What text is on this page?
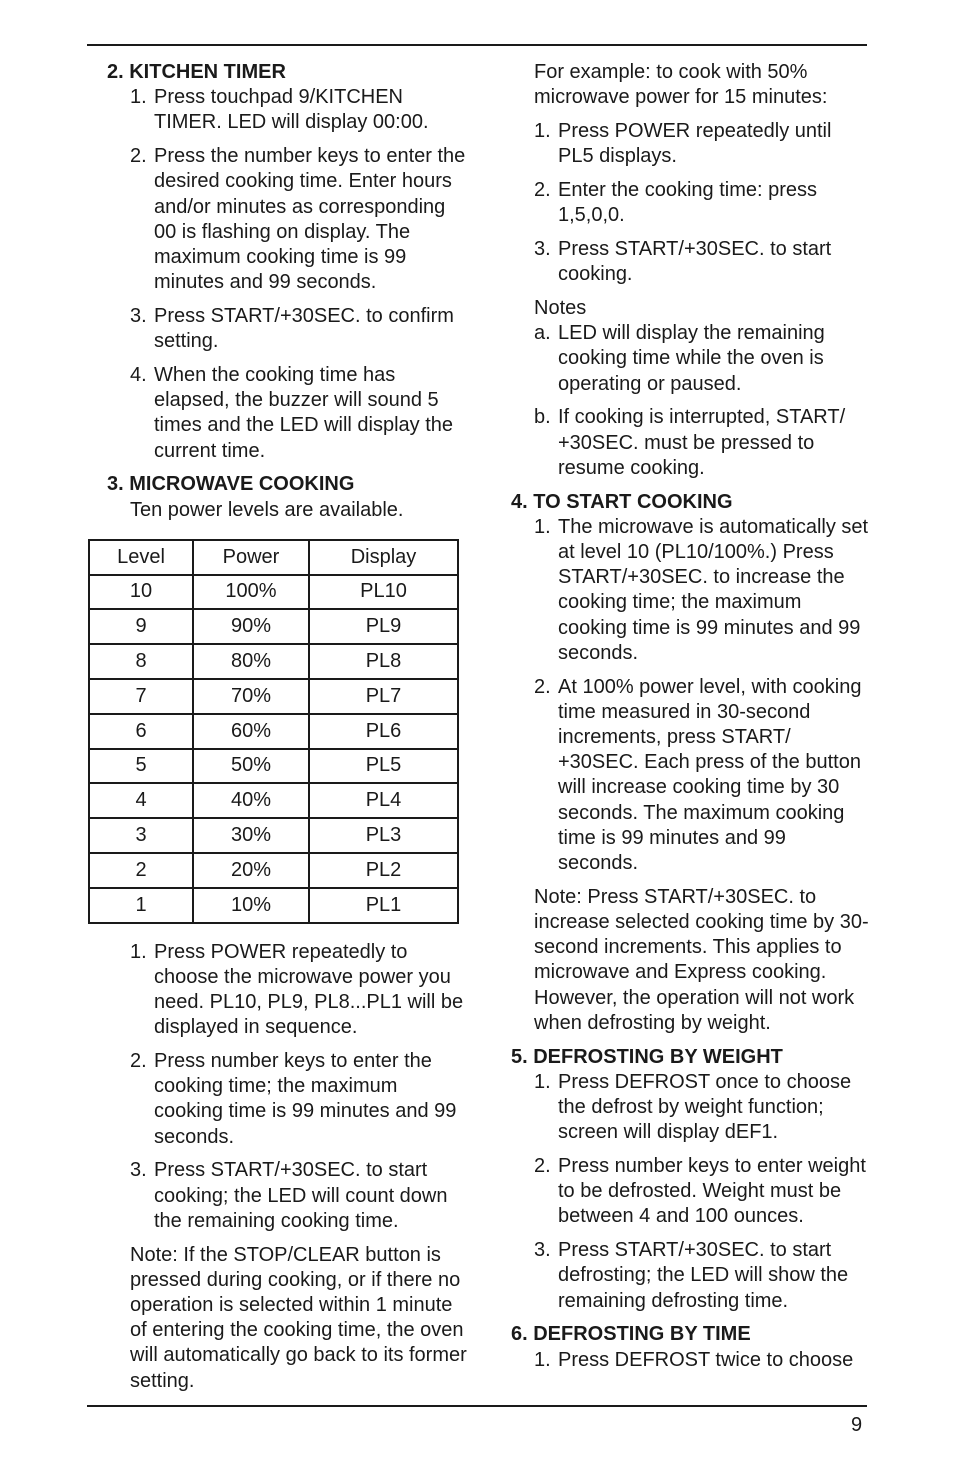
2. KITCHEN TIMER
1. Press touchpad 9/KITCHEN TIMER. LED will display 00:00.
2. Press the number keys to enter the desired cooking time. Enter hours and/or minutes as corresponding 00 is flashing on display. The maximum cooking time is 99 minutes and 99 seconds.
3. Press START/+30SEC. to confirm setting.
4. When the cooking time has elapsed, the buzzer will sound 5 times and the LED will display the current time.
3. MICROWAVE COOKING
Ten power levels are available.
Level	Power	Display
10	100%	PL10
9	90%	PL9
8	80%	PL8
7	70%	PL7
6	60%	PL6
5	50%	PL5
4	40%	PL4
3	30%	PL3
2	20%	PL2
1	10%	PL1
1. Press POWER repeatedly to choose the microwave power you need. PL10, PL9, PL8...PL1 will be displayed in sequence.
2. Press number keys to enter the cooking time; the maximum cooking time is 99 minutes and 99 seconds.
3. Press START/+30SEC. to start cooking; the LED will count down the remaining cooking time.
Note: If the STOP/CLEAR button is pressed during cooking, or if there no operation is selected within 1 minute of entering the cooking time, the oven will automatically go back to its former setting.
For example: to cook with 50% microwave power for 15 minutes:
1. Press POWER repeatedly until PL5 displays.
2. Enter the cooking time: press 1,5,0,0.
3. Press START/+30SEC. to start cooking.
Notes
a. LED will display the remaining cooking time while the oven is operating or paused.
b. If cooking is interrupted, START/ +30SEC. must be pressed to resume cooking.
4. TO START COOKING
1. The microwave is automatically set at level 10 (PL10/100%.) Press START/+30SEC. to increase the cooking time; the maximum cooking time is 99 minutes and 99 seconds.
2. At 100% power level, with cooking time measured in 30-second increments, press START/ +30SEC. Each press of the button will increase cooking time by 30 seconds. The maximum cooking time is 99 minutes and 99 seconds.
Note: Press START/+30SEC. to increase selected cooking time by 30-second increments. This applies to microwave and Express cooking. However, the operation will not work when defrosting by weight.
5. DEFROSTING BY WEIGHT
1. Press DEFROST once to choose the defrost by weight function; screen will display dEF1.
2. Press number keys to enter weight to be defrosted. Weight must be between 4 and 100 ounces.
3. Press START/+30SEC. to start defrosting; the LED will show the remaining defrosting time.
6. DEFROSTING BY TIME
1. Press DEFROST twice to choose
9
